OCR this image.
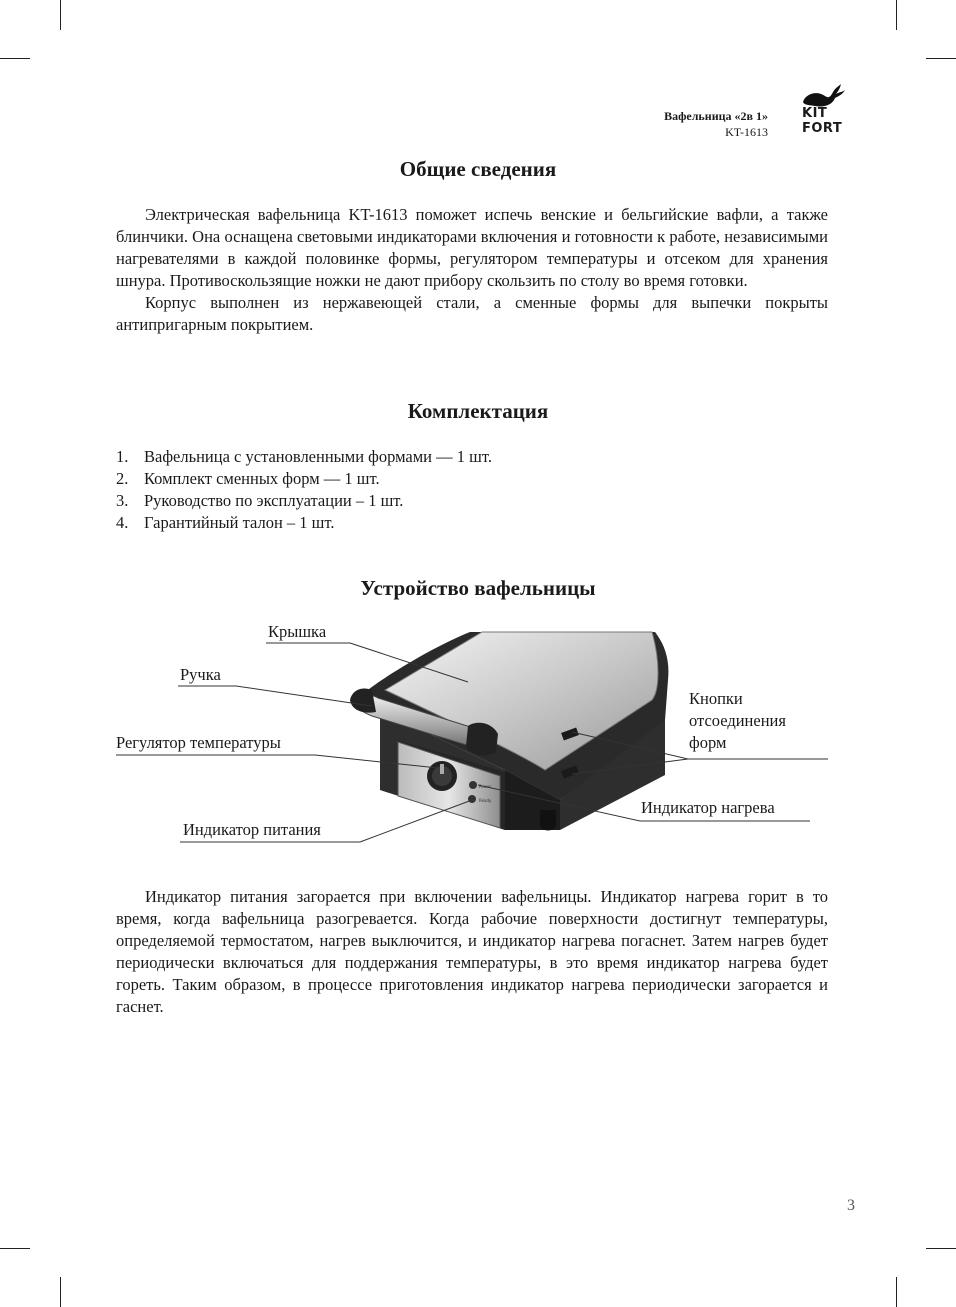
Вафельница «2в 1»
KT-1613
KIT
FORT
Общие сведения

Электрическая вафельница KT-1613 поможет испечь венские и бельгийские вафли, а также блинчики. Она оснащена световыми индикаторами включения и готовности к работе, независимыми нагревателями в каждой половинке формы, регулятором температуры и отсеком для хранения шнура. Противоскользящие ножки не дают прибору скользить по столу во время готовки.

Корпус выполнен из нержавеющей стали, а сменные формы для выпечки покрыты антипригарным покрытием.

Комплектация
1. Вафельница с установленными формами — 1 шт.
2. Комплект сменных форм — 1 шт.
3. Руководство по эксплуатации – 1 шт.
4. Гарантийный талон – 1 шт.
Устройство вафельницы
Power
Ready
Крышка
Ручка
Регулятор температуры
Индикатор питания
Кнопки
отсоединения
форм
Индикатор нагрева

Индикатор питания загорается при включении вафельницы. Индикатор нагрева горит в то время, когда вафельница разогревается. Когда рабочие поверхности достигнут температуры, определяемой термостатом, нагрев выключится, и индикатор нагрева погаснет. Затем нагрев будет периодически включаться для поддержания температуры, в это время индикатор нагрева будет гореть. Таким образом, в процессе приготовления индикатор нагрева периодически загорается и гаснет.

3
